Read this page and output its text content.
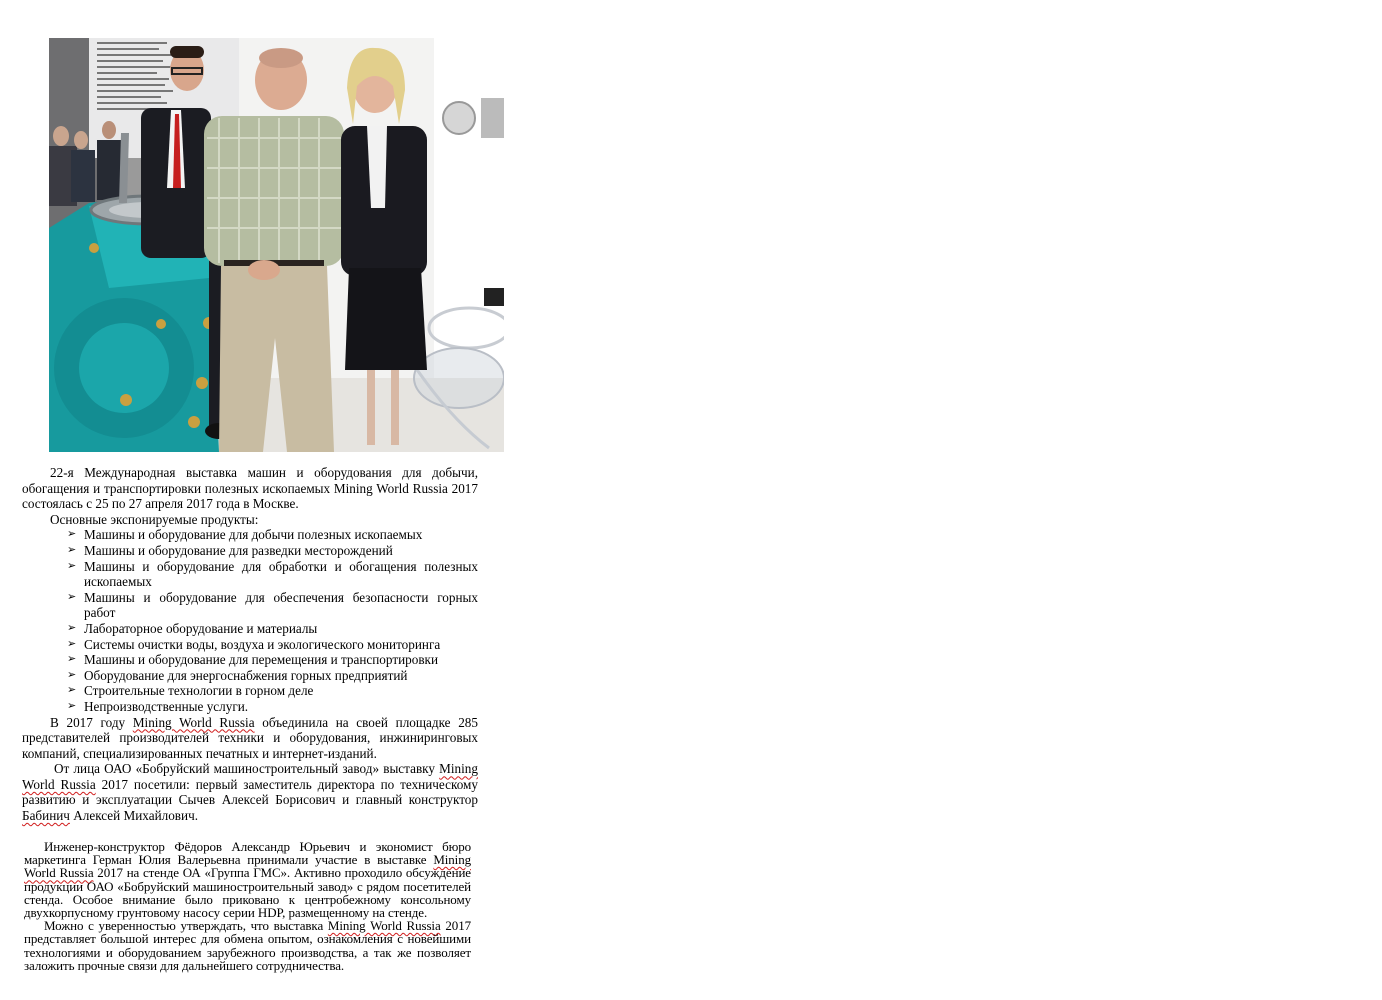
22-я Международная выставка машин и оборудования для добычи, обогащения и транспортировки полезных ископаемых Mining World Russia 2017 состоялась с 25 по 27 апреля 2017 года в Москве.

Основные экспонируемые продукты:

➢ Машины и оборудование для добычи полезных ископаемых
➢ Машины и оборудование для разведки месторождений
➢ Машины и оборудование для обработки и обогащения полезных ископаемых
➢ Машины и оборудование для обеспечения безопасности горных работ
➢ Лабораторное оборудование и материалы
➢ Системы очистки воды, воздуха и экологического мониторинга
➢ Машины и оборудование для перемещения и транспортировки
➢ Оборудование для энергоснабжения горных предприятий
➢ Строительные технологии в горном деле
➢ Непроизводственные услуги.

В 2017 году Mining World Russia объединила на своей площадке 285 представителей производителей техники и оборудования, инжиниринговых компаний, специализированных печатных и интернет-изданий.

От лица ОАО «Бобруйский машиностроительный завод» выставку Mining World Russia 2017 посетили: первый заместитель директора по техническому развитию и эксплуатации Сычев Алексей Борисович и главный конструктор Бабинич Алексей Михайлович.

Инженер-конструктор Фёдоров Александр Юрьевич и экономист бюро маркетинга Герман Юлия Валерьевна принимали участие в выставке Mining World Russia 2017 на стенде ОА «Группа ГМС». Активно проходило обсуждение продукции ОАО «Бобруйский машиностроительный завод» с рядом посетителей стенда. Особое внимание было приковано к центробежному консольному двухкорпусному грунтовому насосу серии HDP, размещенному на стенде.

Можно с уверенностью утверждать, что выставка Mining World Russia 2017 представляет большой интерес для обмена опытом, ознакомления с новейшими технологиями и оборудованием зарубежного производства, а так же позволяет заложить прочные связи для дальнейшего сотрудничества.
